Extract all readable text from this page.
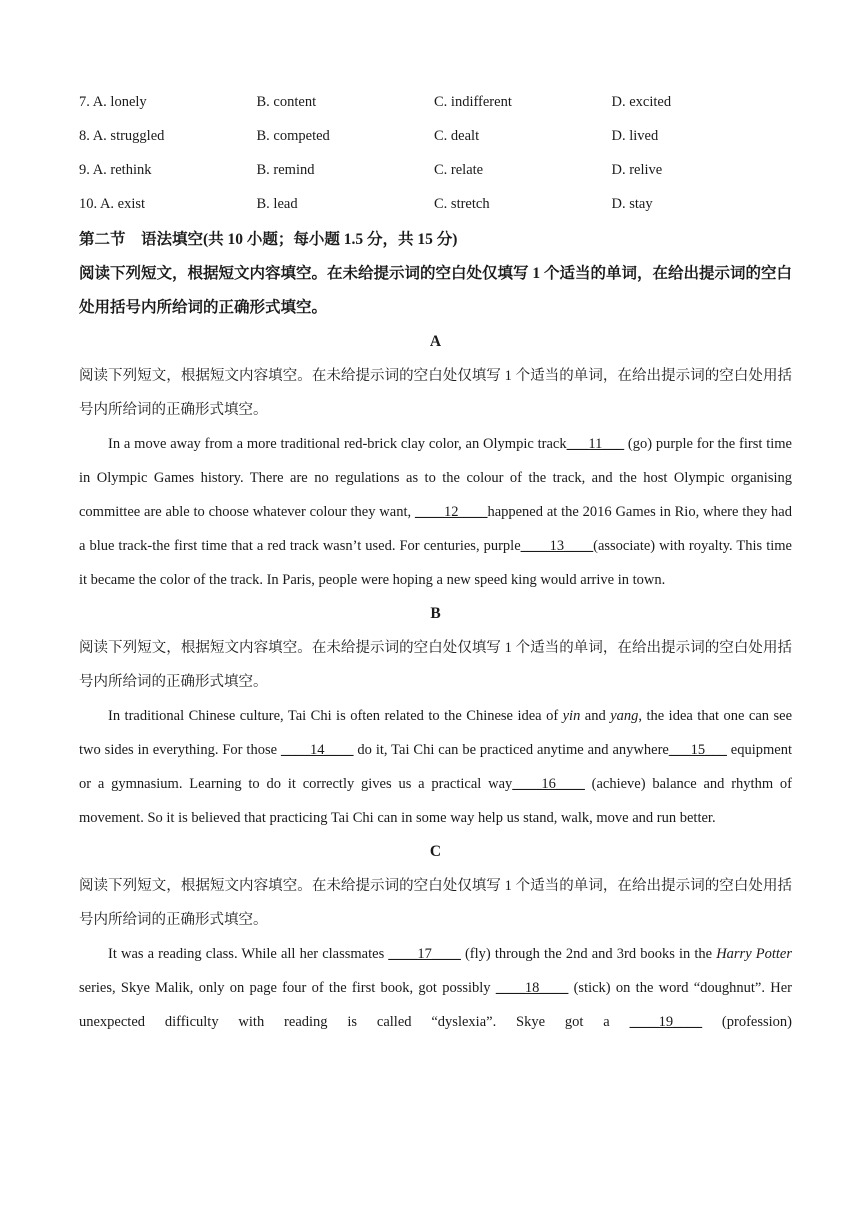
7. A. lonely	B. content	C. indifferent	D. excited
8. A. struggled	B. competed	C. dealt	D. lived
9. A. rethink	B. remind	C. relate	D. relive
10. A. exist	B. lead	C. stretch	D. stay
第二节　语法填空(共 10 小题；每小题 1.5 分，共 15 分)
阅读下列短文，根据短文内容填空。在未给提示词的空白处仅填写 1 个适当的单词，在给出提示词的空白处用括号内所给词的正确形式填空。
A
阅读下列短文，根据短文内容填空。在未给提示词的空白处仅填写 1 个适当的单词，在给出提示词的空白处用括号内所给词的正确形式填空。
In a move away from a more traditional red-brick clay color, an Olympic track___11___ (go) purple for the first time in Olympic Games history. There are no regulations as to the colour of the track, and the host Olympic organising committee are able to choose whatever colour they want, ____12____happened at the 2016 Games in Rio, where they had a blue track-the first time that a red track wasn’t used. For centuries, purple____13____(associate) with royalty. This time it became the color of the track. In Paris, people were hoping a new speed king would arrive in town.
B
阅读下列短文，根据短文内容填空。在未给提示词的空白处仅填写 1 个适当的单词，在给出提示词的空白处用括号内所给词的正确形式填空。
In traditional Chinese culture, Tai Chi is often related to the Chinese idea of yin and yang, the idea that one can see two sides in everything. For those ____14____ do it, Tai Chi can be practiced anytime and anywhere___15___ equipment or a gymnasium. Learning to do it correctly gives us a practical way____16____ (achieve) balance and rhythm of movement. So it is believed that practicing Tai Chi can in some way help us stand, walk, move and run better.
C
阅读下列短文，根据短文内容填空。在未给提示词的空白处仅填写 1 个适当的单词，在给出提示词的空白处用括号内所给词的正确形式填空。
It was a reading class. While all her classmates ____17____ (fly) through the 2nd and 3rd books in the Harry Potter series, Skye Malik, only on page four of the first book, got possibly ____18____ (stick) on the word “doughnut”. Her unexpected difficulty with reading is called “dyslexia”. Skye got a ____19____ (profession)
